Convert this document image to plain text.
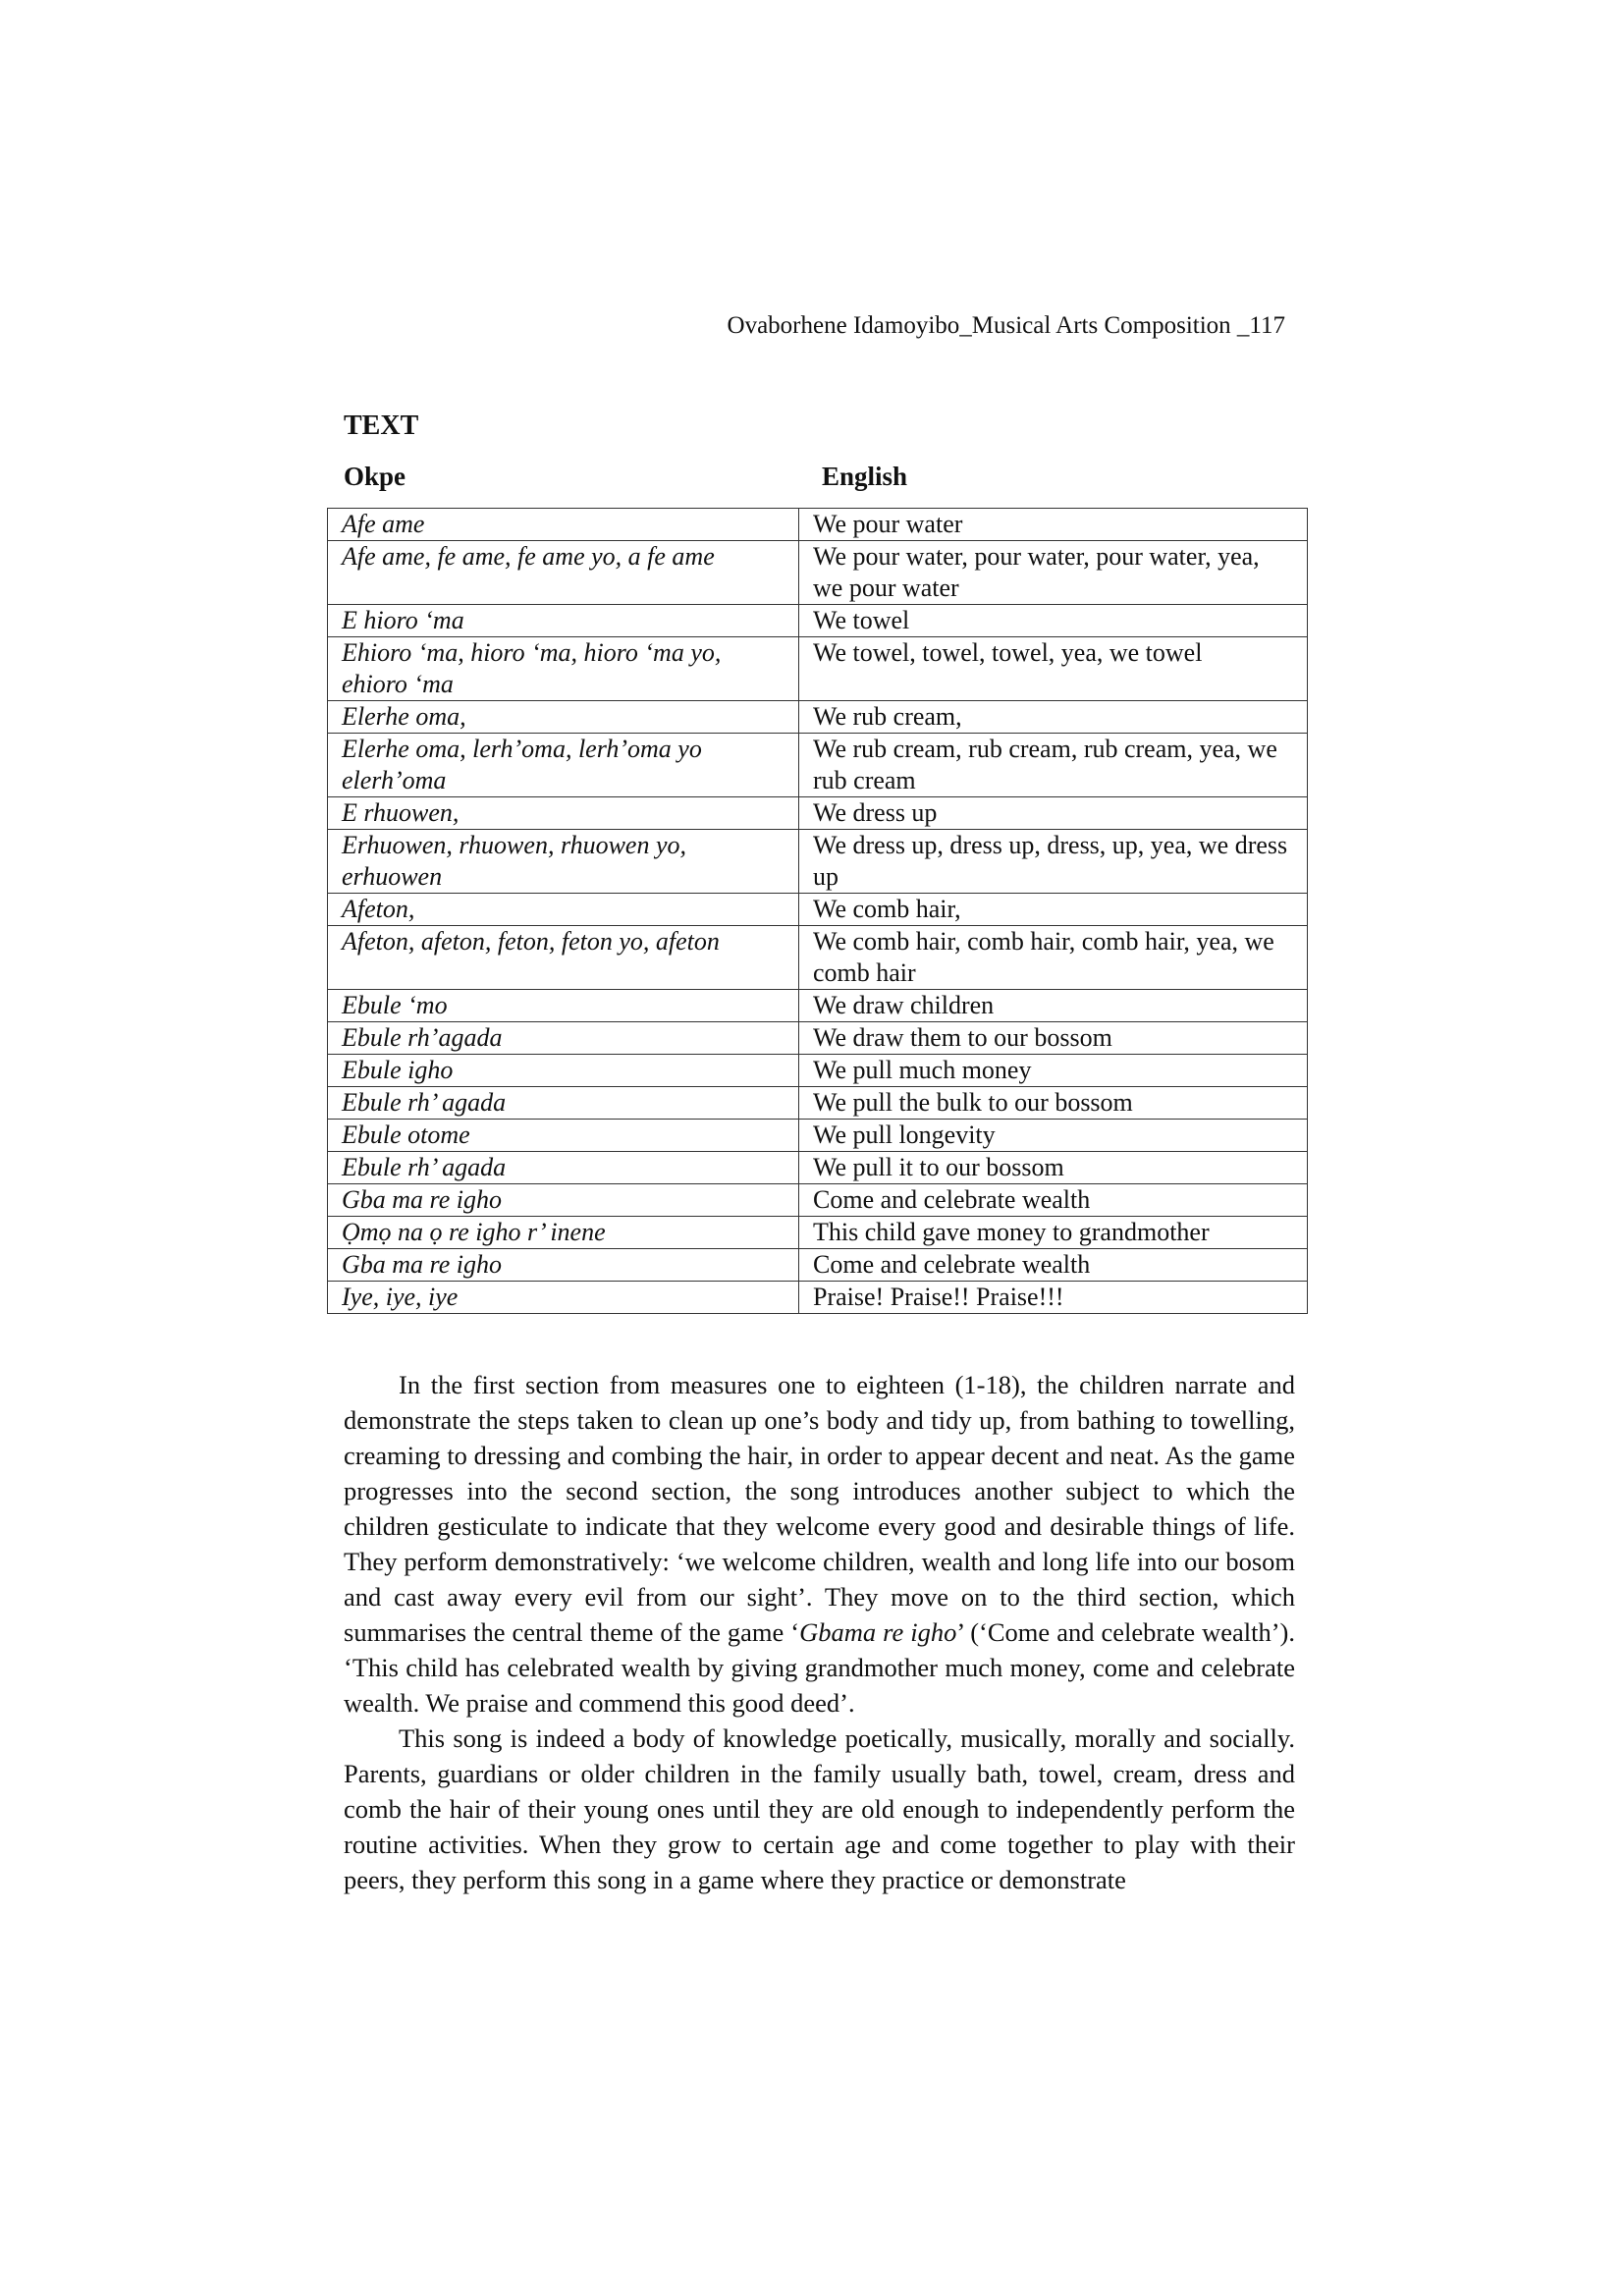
Ovaborhene Idamoyibo_Musical Arts Composition _117
TEXT
Okpe	English
Afe ame	We pour water
Afe ame, fe ame, fe ame yo, a fe ame	We pour water, pour water, pour water, yea, we pour water
E hioro ‘ma	We towel
Ehioro ‘ma, hioro ‘ma, hioro ‘ma yo, ehioro ‘ma	We towel, towel, towel, yea, we towel
Elerhe oma,	We rub cream,
Elerhe oma, lerh’oma, lerh’oma yo elerh’oma	We rub cream, rub cream, rub cream, yea, we rub cream
E rhuowen,	We dress up
Erhuowen, rhuowen, rhuowen yo, erhuowen	We dress up, dress up, dress, up, yea, we dress up
Afeton,	We comb hair,
Afeton, afeton, feton, feton yo, afeton	We comb hair, comb hair, comb hair, yea, we comb hair
Ebule ‘mo	We draw children
Ebule rh’agada	We draw them to our bossom
Ebule igho	We pull much money
Ebule rh’ agada	We pull the bulk to our bossom
Ebule otome	We pull longevity
Ebule rh’ agada	We pull it to our bossom
Gba ma re igho	Come and celebrate wealth
Ọmọ na ọ re igho r’ inene	This child gave money to grandmother
Gba ma re igho	Come and celebrate wealth
Iye, iye, iye	Praise! Praise!! Praise!!!

In the first section from measures one to eighteen (1-18), the children narrate and demonstrate the steps taken to clean up one’s body and tidy up, from bathing to towelling, creaming to dressing and combing the hair, in order to appear decent and neat. As the game progresses into the second section, the song introduces another subject to which the children gesticulate to indicate that they welcome every good and desirable things of life. They perform demonstratively: ‘we welcome children, wealth and long life into our bosom and cast away every evil from our sight’. They move on to the third section, which summarises the central theme of the game ‘Gbama re igho’ (‘Come and celebrate wealth’). ‘This child has celebrated wealth by giving grandmother much money, come and celebrate wealth. We praise and commend this good deed’.

This song is indeed a body of knowledge poetically, musically, morally and socially. Parents, guardians or older children in the family usually bath, towel, cream, dress and comb the hair of their young ones until they are old enough to independently perform the routine activities. When they grow to certain age and come together to play with their peers, they perform this song in a game where they practice or demonstrate
